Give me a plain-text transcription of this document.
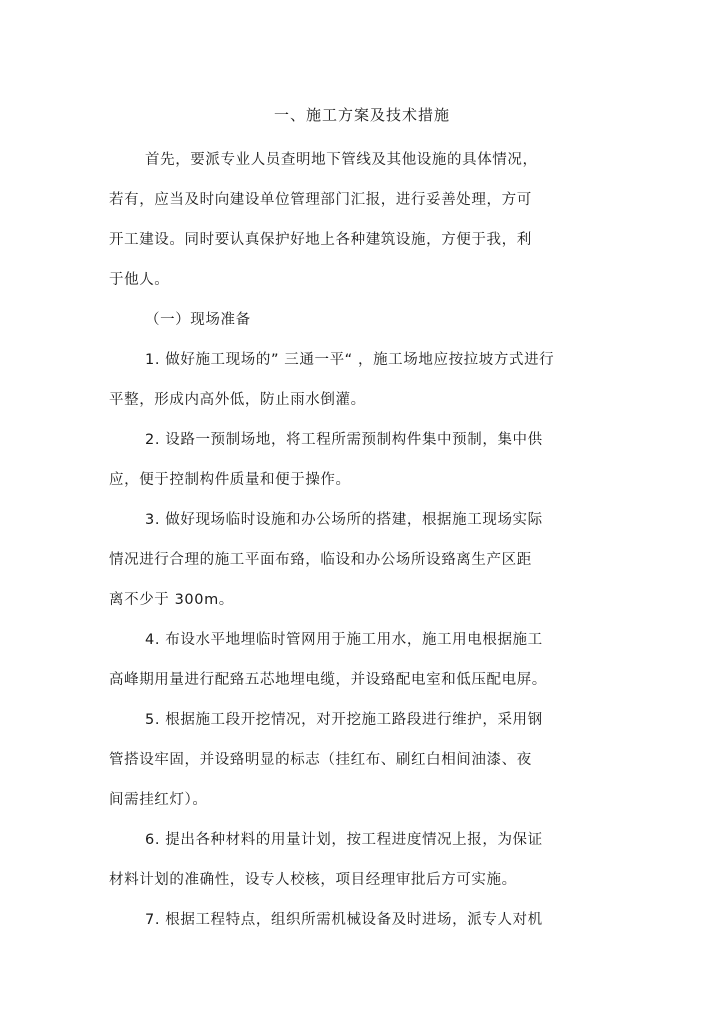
一、施工方案及技术措施

首先，要派专业人员查明地下管线及其他设施的具体情况，

若有，应当及时向建设单位管理部门汇报，进行妥善处理，方可

开工建设。同时要认真保护好地上各种建筑设施，方便于我，利

于他人。

（一）现场准备

1. 做好施工现场的” 三通一平“ ，施工场地应按拉坡方式进行

平整，形成内高外低，防止雨水倒灌。

2. 设路一预制场地，将工程所需预制构件集中预制，集中供

应，便于控制构件质量和便于操作。

3. 做好现场临时设施和办公场所的搭建，根据施工现场实际

情况进行合理的施工平面布臵，临设和办公场所设臵离生产区距

离不少于 300m。

4. 布设水平地埋临时管网用于施工用水，施工用电根据施工

高峰期用量进行配臵五芯地埋电缆，并设臵配电室和低压配电屏。

5. 根据施工段开挖情况，对开挖施工路段进行维护，采用钢

管搭设牢固，并设臵明显的标志（挂红布、刷红白相间油漆、夜

间需挂红灯）。

6. 提出各种材料的用量计划，按工程进度情况上报，为保证

材料计划的准确性，设专人校核，项目经理审批后方可实施。

7. 根据工程特点，组织所需机械设备及时进场，派专人对机
